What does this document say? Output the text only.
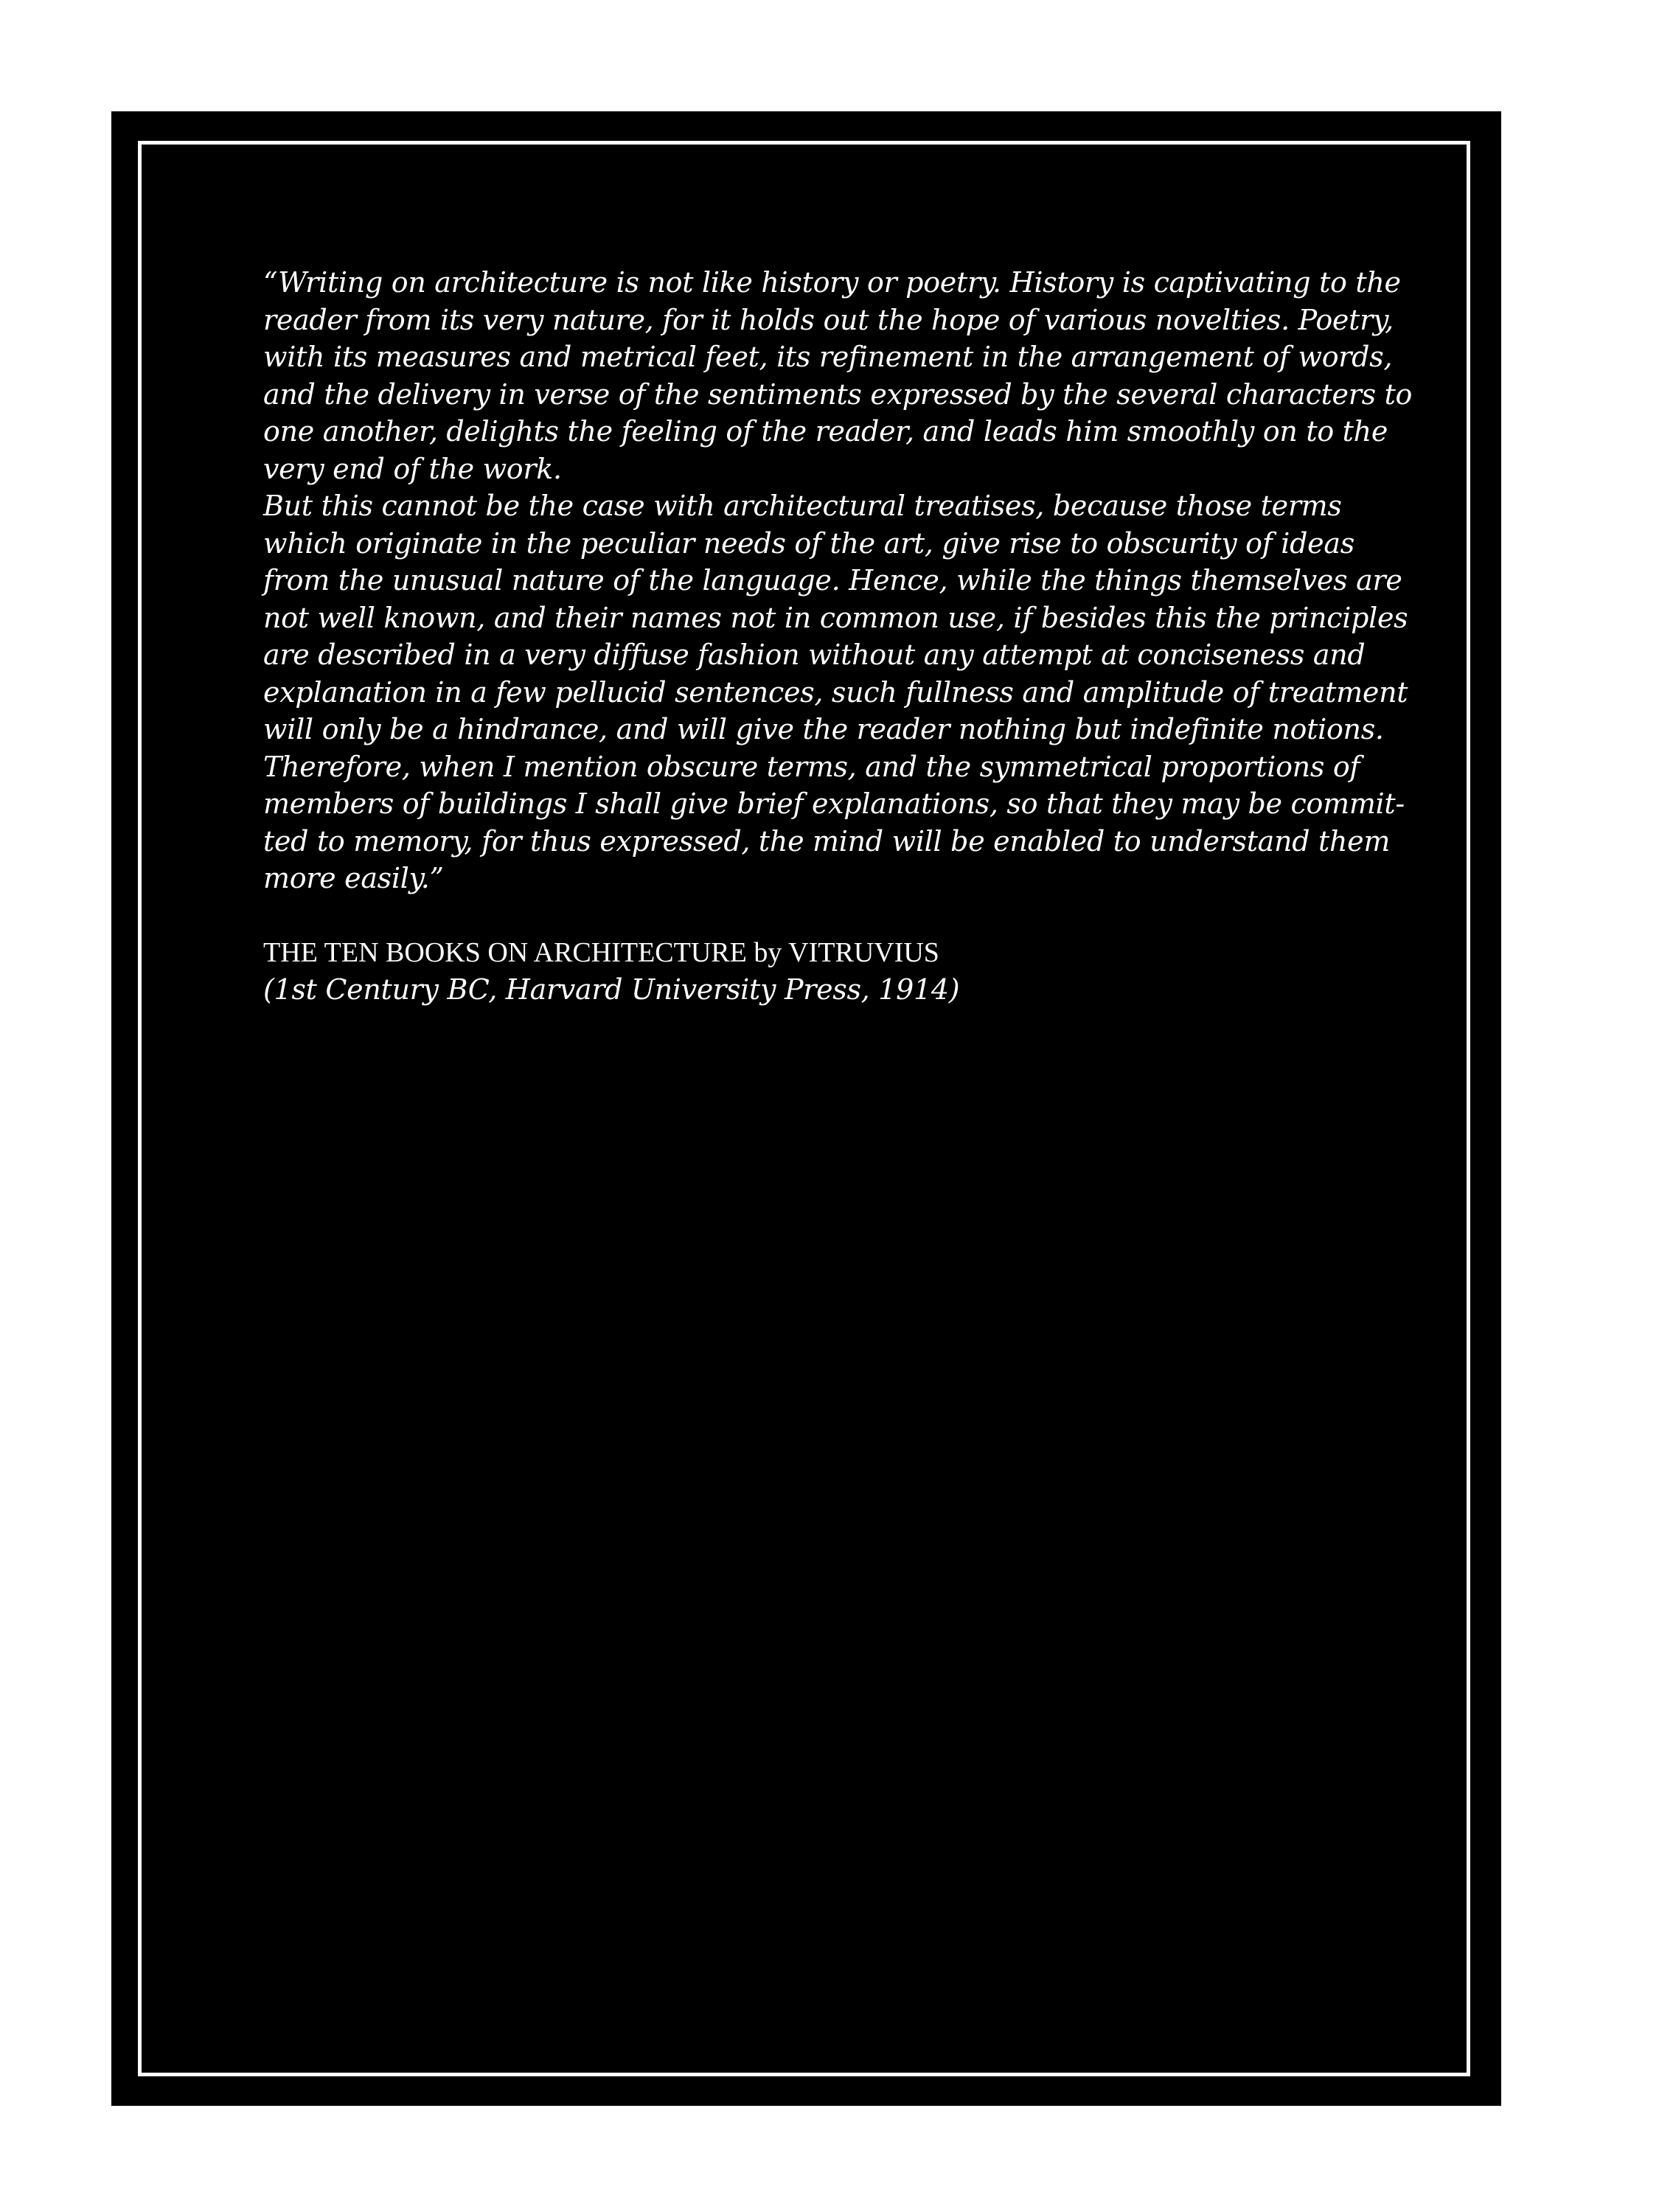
“Writing on architecture is not like history or poetry. History is captivating to the
reader from its very nature, for it holds out the hope of various novelties. Poetry,
with its measures and metrical feet, its refinement in the arrangement of words,
and the delivery in verse of the sentiments expressed by the several characters to
one another, delights the feeling of the reader, and leads him smoothly on to the
very end of the work.
But this cannot be the case with architectural treatises, because those terms
which originate in the peculiar needs of the art, give rise to obscurity of ideas
from the unusual nature of the language. Hence, while the things themselves are
not well known, and their names not in common use, if besides this the principles
are described in a very diffuse fashion without any attempt at conciseness and
explanation in a few pellucid sentences, such fullness and amplitude of treatment
will only be a hindrance, and will give the reader nothing but indefinite notions.
Therefore, when I mention obscure terms, and the symmetrical proportions of
members of buildings I shall give brief explanations, so that they may be commit-
ted to memory, for thus expressed, the mind will be enabled to understand them
more easily.”
THE TEN BOOKS ON ARCHITECTURE by VITRUVIUS
(1st Century BC, Harvard University Press, 1914)
